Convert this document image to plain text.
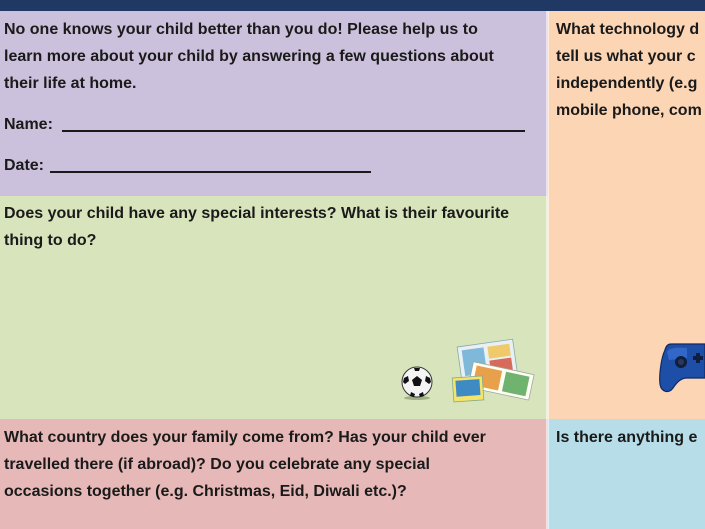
No one knows your child better than you do! Please help us to

learn more about your child by answering a few questions about

their life at home.

Name:

Date:

Does your child have any special interests? What is their favourite

thing to do?

What country does your family come from? Has your child ever

travelled there (if abroad)? Do you celebrate any special

occasions together (e.g. Christmas, Eid, Diwali etc.)?

What technology d

tell us what your c

independently (e.g

mobile phone, com

Is there anything e
